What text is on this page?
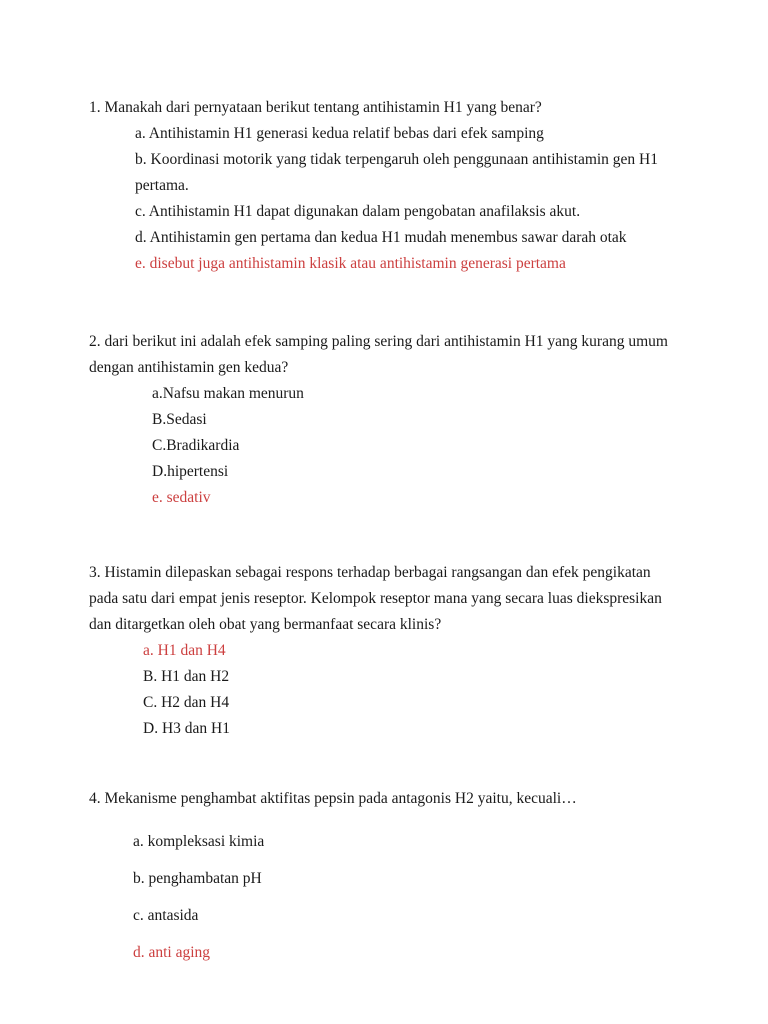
1. Manakah dari pernyataan berikut tentang antihistamin H1 yang benar?

a. Antihistamin H1 generasi kedua relatif bebas dari efek samping
b. Koordinasi motorik yang tidak terpengaruh oleh penggunaan antihistamin gen H1 pertama.
c. Antihistamin H1 dapat digunakan dalam pengobatan anafilaksis akut.
d. Antihistamin gen pertama dan kedua H1 mudah menembus sawar darah otak
e. disebut juga antihistamin klasik atau antihistamin generasi pertama

2. dari berikut ini adalah efek samping paling sering dari antihistamin H1 yang kurang umum dengan antihistamin gen kedua?

a.Nafsu makan menurun
B.Sedasi
C.Bradikardia
D.hipertensi
e. sedativ

3. Histamin dilepaskan sebagai respons terhadap berbagai rangsangan dan efek pengikatan pada satu dari empat jenis reseptor. Kelompok reseptor mana yang secara luas diekspresikan dan ditargetkan oleh obat yang bermanfaat secara klinis?

a. H1 dan H4
B. H1 dan H2
C. H2 dan H4
D. H3 dan H1

4. Mekanisme penghambat aktifitas pepsin pada antagonis H2 yaitu, kecuali…

a. kompleksasi kimia
b. penghambatan pH
c. antasida
d. anti aging
